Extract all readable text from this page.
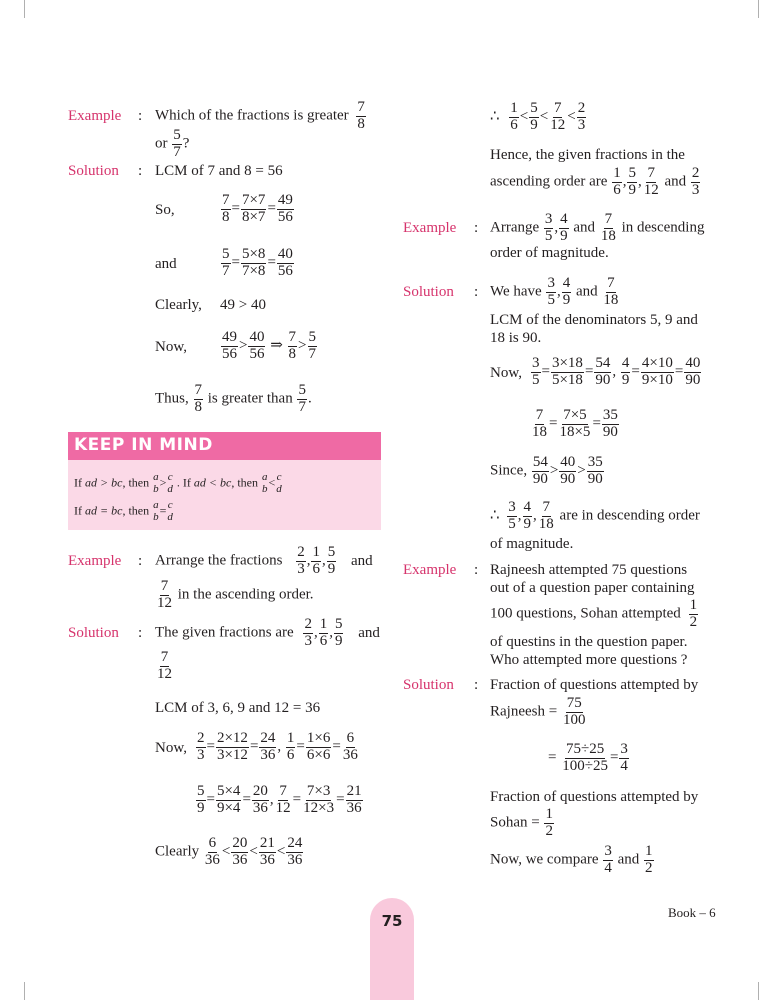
Example : Which of the fractions is greater $\frac{7}{8}$
or $\frac{5}{7}$ ?
Solution : LCM of 7 and 8 = 56
So,	$\frac{7}{8} = \frac{7\times 7}{8\times 7} = \frac{49}{56}$
and	$\frac{5}{7} = \frac{5\times 8}{7\times 8} = \frac{40}{56}$
Clearly, 49 > 40
Now, $\frac{49}{56} > \frac{40}{56}$ ⇒ $\frac{7}{8} > \frac{5}{7}$
Thus, $\frac{7}{8}$ is greater than $\frac{5}{7}$ .
KEEP IN MIND
If ad > bc, then a
b > c
d . If ad < bc, then a
b < c
d
If ad = bc, then a
b = c
d
Example : Arrange the fractions $\frac{2}{3}$ , $\frac{1}{6}$ , $\frac{5}{9}$ and
$\frac{7}{12}$ in the ascending order.
Solution : The given fractions are $\frac{2}{3}$ , $\frac{1}{6}$ , $\frac{5}{9}$ and
$\frac{7}{12}$
LCM of 3, 6, 9 and 12 = 36
Now, $\frac{2}{3} = \frac{2\times 12}{3\times 12} = \frac{24}{36}$ , $\frac{1}{6} = \frac{1\times 6}{6\times 6} = \frac{6}{36}$
$\frac{5}{9} = \frac{5\times 4}{9\times 4} = \frac{20}{36}$ , $\frac{7}{12} = \frac{7\times 3}{12\times 3} = \frac{21}{36}$
Clearly $\frac{6}{36} < \frac{20}{36} < \frac{21}{36} < \frac{24}{36}$
∴ $\frac{1}{6} < \frac{5}{9} < \frac{7}{12} < \frac{2}{3}$
Hence, the given fractions in the
ascending order are $\frac{1}{6}$ , $\frac{5}{9}$ , $\frac{7}{12}$ and $\frac{2}{3}$
Example : Arrange $\frac{3}{5}$ , $\frac{4}{9}$ and $\frac{7}{18}$ in descending
order of magnitude.
Solution : We have $\frac{3}{5}$ , $\frac{4}{9}$ and $\frac{7}{18}$
LCM of the denominators 5, 9 and
18 is 90.
Now, $\frac{3}{5} = \frac{3\times 18}{5\times 18} = \frac{54}{90}$ , $\frac{4}{9} = \frac{4\times 10}{9\times 10} = \frac{40}{90}$
$\frac{7}{18} = \frac{7\times 5}{18\times 5} = \frac{35}{90}$
Since, $\frac{54}{90} > \frac{40}{90} > \frac{35}{90}$
∴ $\frac{3}{5}$ , $\frac{4}{9}$ , $\frac{7}{18}$ are in descending order
of magnitude.
Example : Rajneesh attempted 75 questions
out of a question paper containing
100 questions, Sohan attempted $\frac{1}{2}$
of questins in the question paper.
Who attempted more questions ?
Solution : Fraction of questions attempted by
Rajneesh = $\frac{75}{100}$
= $\frac{75\div 25}{100\div 25} = \frac{3}{4}$
Fraction of questions attempted by
Sohan = $\frac{1}{2}$
Now, we compare $\frac{3}{4}$ and $\frac{1}{2}$
75	Book – 6
